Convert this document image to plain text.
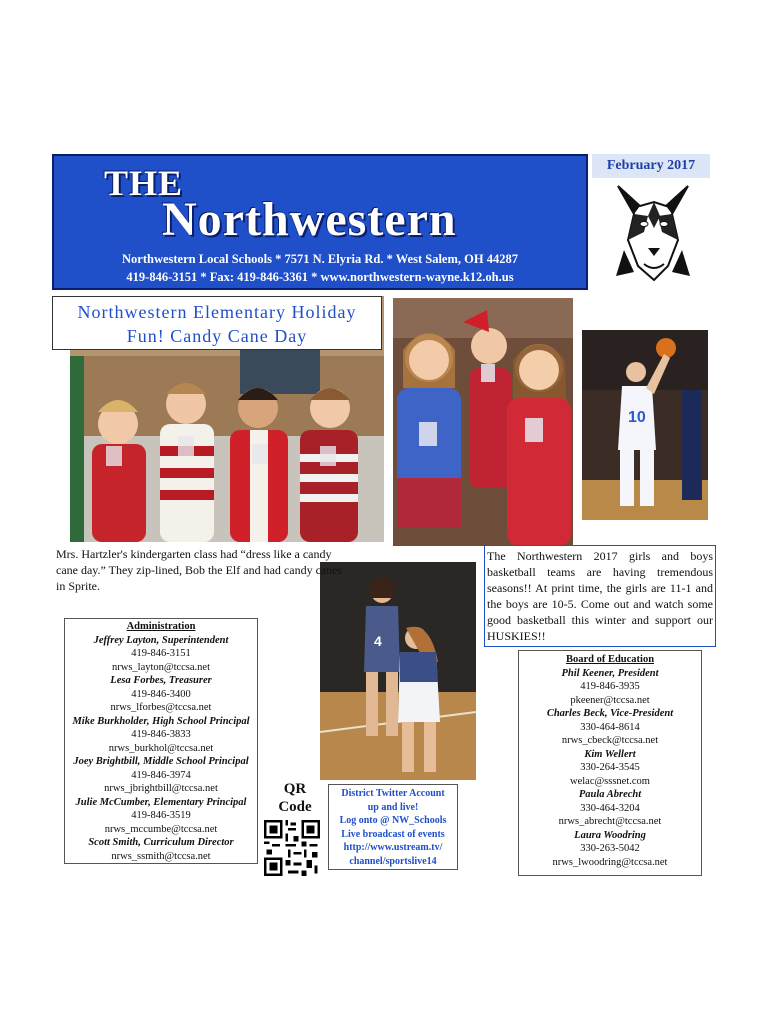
THE
Northwestern
Northwestern Local Schools * 7571 N. Elyria Rd. * West Salem, OH 44287
419-846-3151 * Fax: 419-846-3361 * www.northwestern-wayne.k12.oh.us
February 2017
Northwestern Elementary Holiday
Fun! Candy Cane Day
10
4
Mrs. Hartzler's kindergarten class had “dress like a candy cane day.” They zip-lined, Bob the Elf and had candy canes in Sprite.
The Northwestern 2017 girls and boys basketball teams are having tremendous seasons!! At print time, the girls are 11-1 and the boys are 10-5. Come out and watch some good basketball this winter and support our HUSKIES!!
Administration
Jeffrey Layton, Superintendent
419-846-3151
nrws_layton@tccsa.net
Lesa Forbes, Treasurer
419-846-3400
nrws_lforbes@tccsa.net
Mike Burkholder, High School Principal
419-846-3833
nrws_burkhol@tccsa.net
Joey Brightbill, Middle School Principal
419-846-3974
nrws_jbrightbill@tccsa.net
Julie McCumber, Elementary Principal
419-846-3519
nrws_mccumbe@tccsa.net
Scott Smith, Curriculum Director
nrws_ssmith@tccsa.net
QR
Code
District Twitter Account
up and live!
Log onto @ NW_Schools
Live broadcast of events
http://www.ustream.tv/
channel/sportslive14
Board of Education
Phil Keener, President
419-846-3935
pkeener@tccsa.net
Charles Beck, Vice-President
330-464-8614
nrws_cbeck@tccsa.net
Kim Wellert
330-264-3545
welac@sssnet.com
Paula Abrecht
330-464-3204
nrws_abrecht@tccsa.net
Laura Woodring
330-263-5042
nrws_lwoodring@tccsa.net
